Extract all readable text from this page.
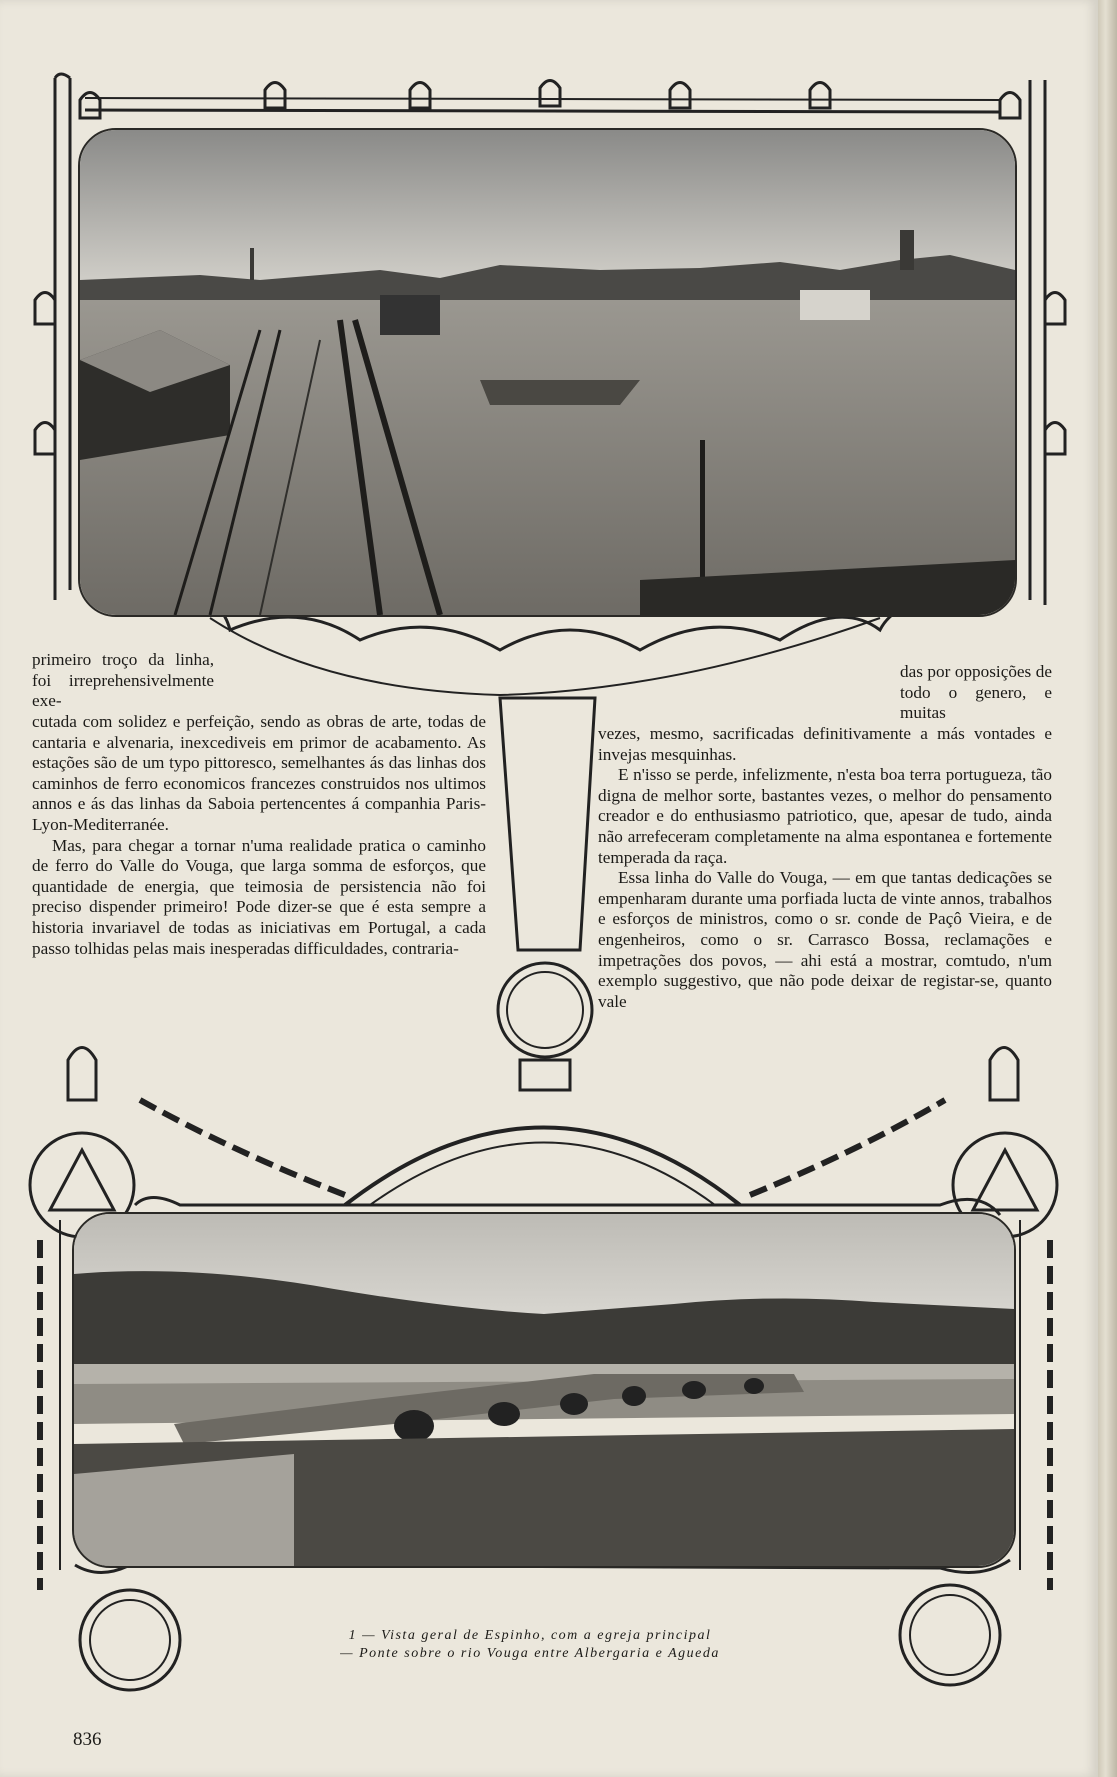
primeiro troço da linha, foi irreprehensivelmente exe-

cutada com solidez e perfeição, sendo as obras de arte, todas de cantaria e alvenaria, inexcediveis em primor de acabamento. As estações são de um typo pittoresco, semelhantes ás das linhas dos caminhos de ferro economicos francezes construidos nos ultimos annos e ás das linhas da Saboia pertencentes á companhia Paris-Lyon-Mediterranée.

Mas, para chegar a tornar n'uma realidade pratica o caminho de ferro do Valle do Vouga, que larga somma de esforços, que quantidade de energia, que teimosia de persistencia não foi preciso dispender primeiro! Pode dizer-se que é esta sempre a historia invariavel de todas as iniciativas em Portugal, a cada passo tolhidas pelas mais inesperadas difficuldades, contraria-

das por opposições de todo o genero, e muitas

vezes, mesmo, sacrificadas definitivamente a más vontades e invejas mesquinhas.

E n'isso se perde, infelizmente, n'esta boa terra portugueza, tão digna de melhor sorte, bastantes vezes, o melhor do pensamento creador e do enthusiasmo patriotico, que, apesar de tudo, ainda não arrefeceram completamente na alma espontanea e fortemente temperada da raça.

Essa linha do Valle do Vouga, — em que tantas dedicações se empenharam durante uma porfiada lucta de vinte annos, trabalhos e esforços de ministros, como o sr. conde de Paçô Vieira, e de engenheiros, como o sr. Carrasco Bossa, reclamações e impetrações dos povos, — ahi está a mostrar, comtudo, n'um exemplo suggestivo, que não pode deixar de registar-se, quanto vale

1 — Vista geral de Espinho, com a egreja principal
— Ponte sobre o rio Vouga entre Albergaria e Agueda
836
